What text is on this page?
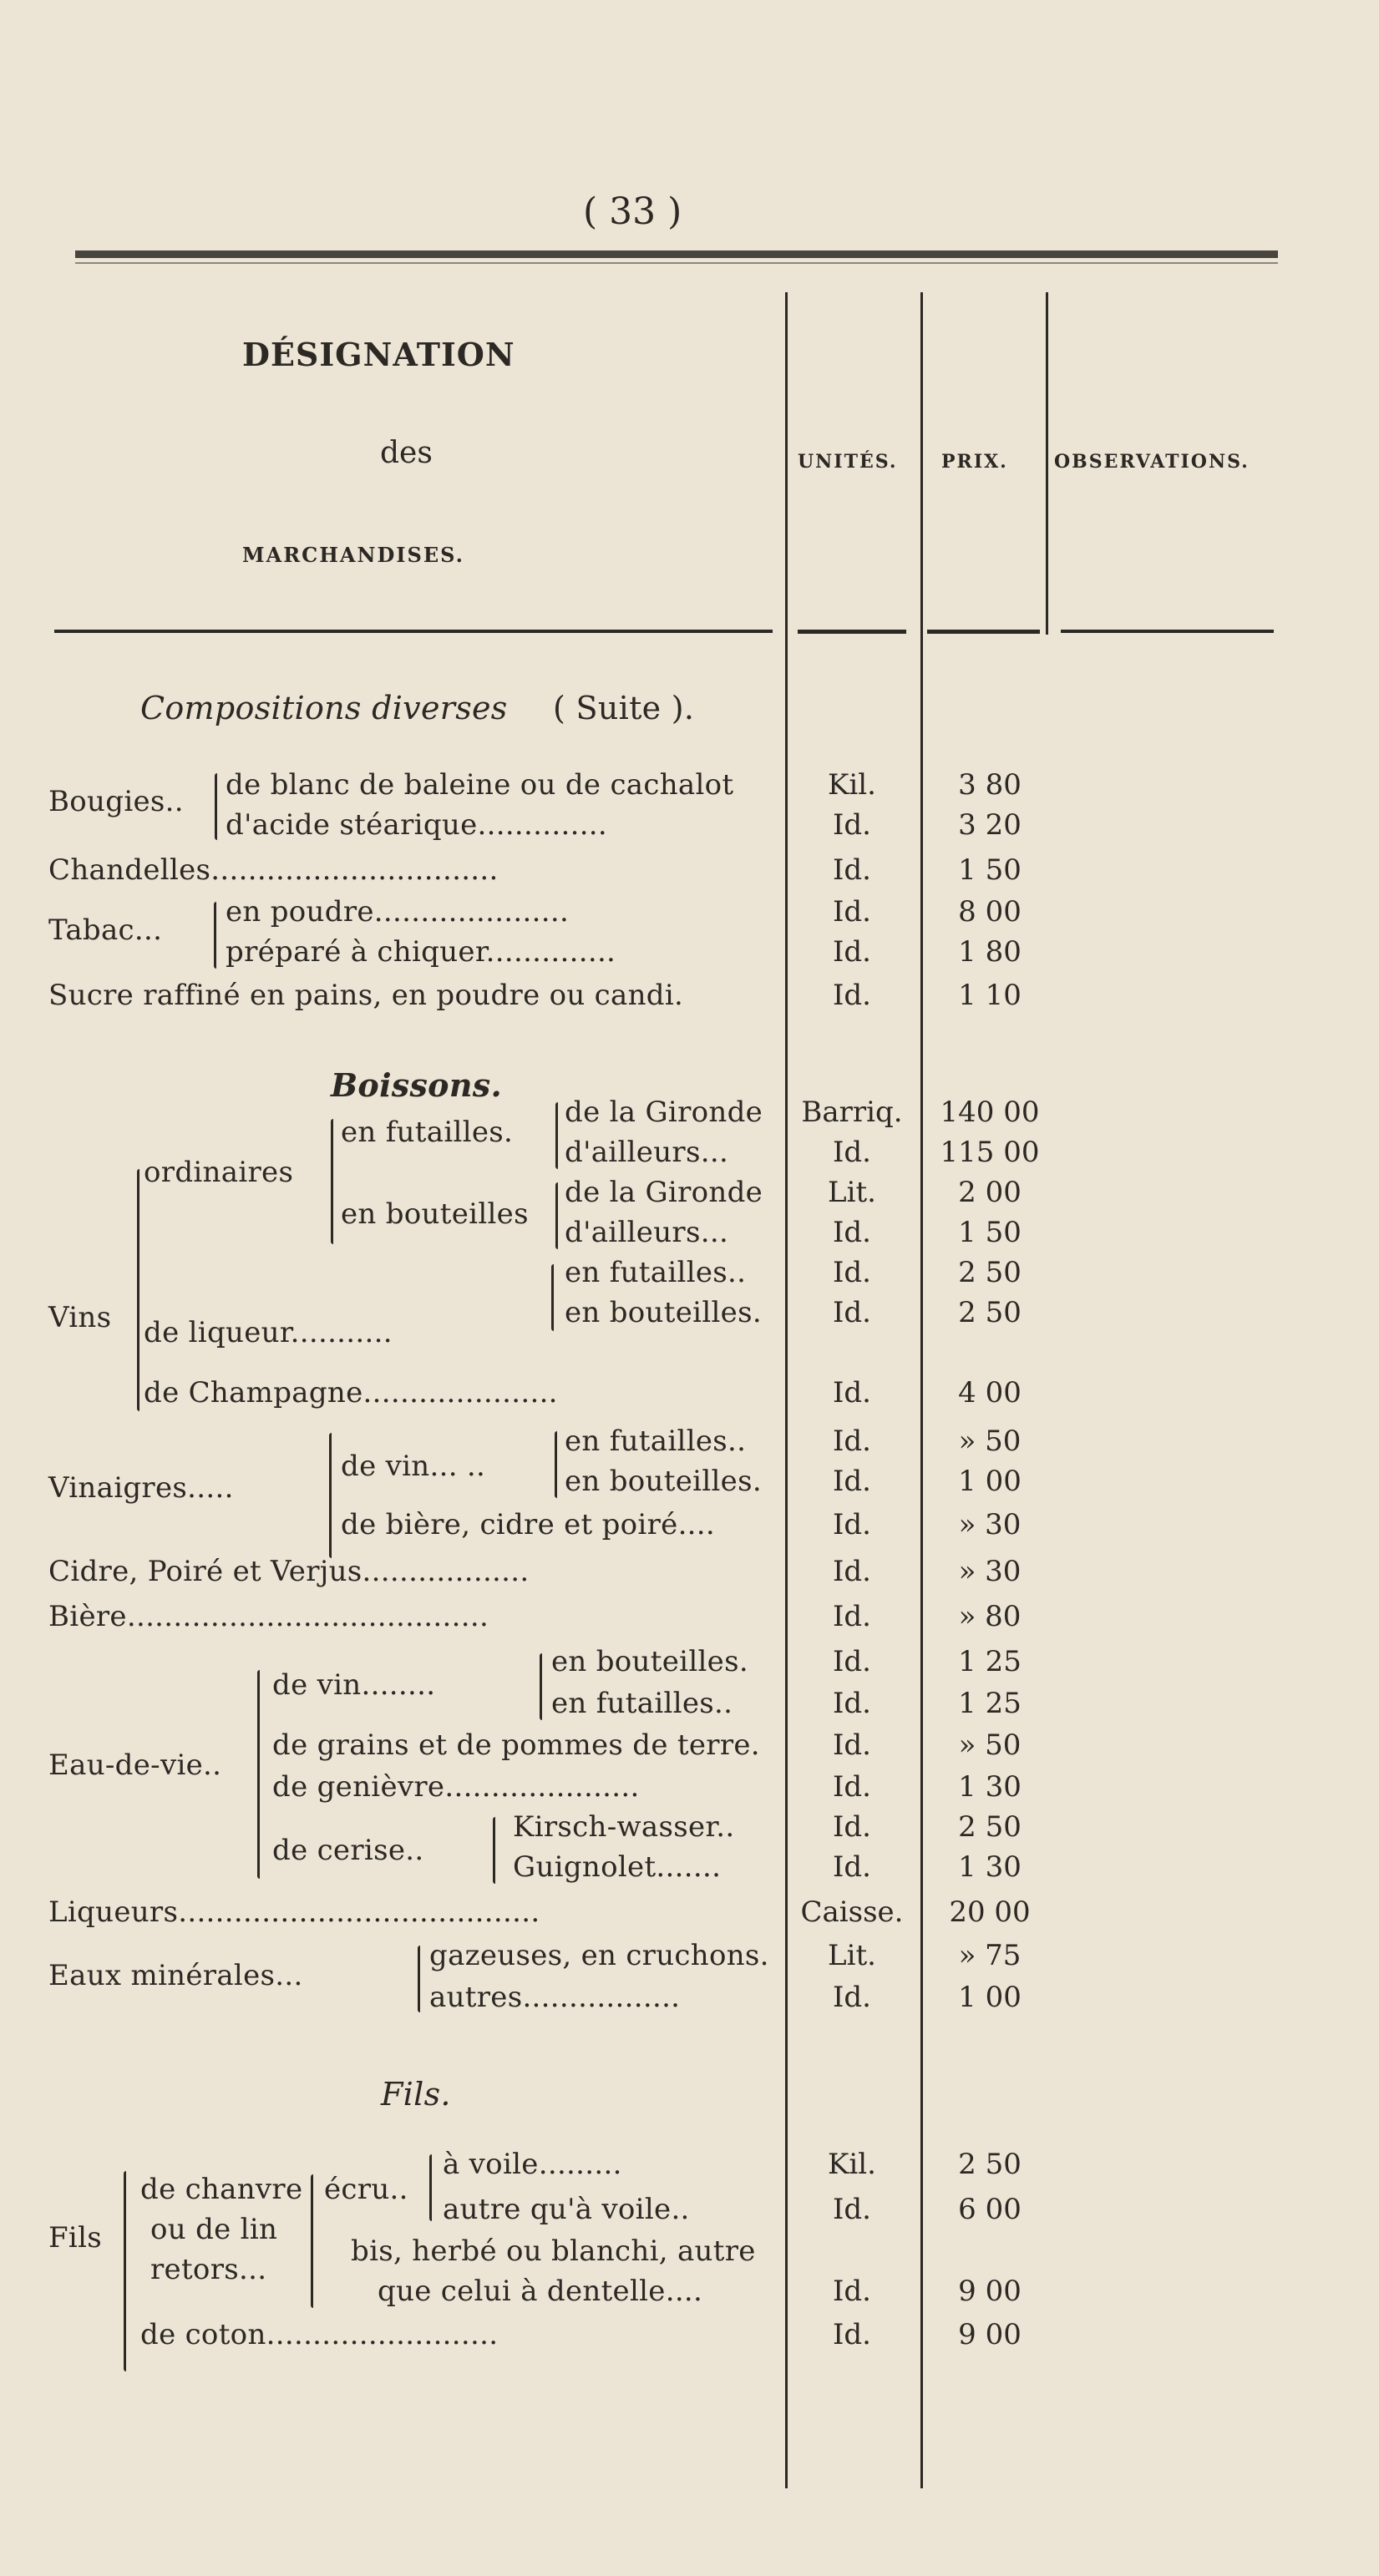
( 33 )
DÉSIGNATION
des
MARCHANDISES.
UNITÉS. PRIX.	OBSERVATIONS.
Compositions diverses ( Suite ).
Bougies.. de blanc de baleine ou de cachalot
d'acide stéarique..............
Chandelles...............................
Tabac...
en poudre.....................
préparé à chiquer..............
Sucre raffiné en pains, en poudre ou candi.
Boissons.
Vins
ordinaires
en futailles.
en bouteilles
de la Gironde
d'ailleurs...
de la Gironde
d'ailleurs...
de liqueur...........
en futailles..
en bouteilles.
de Champagne.....................
Vinaigres.....
de vin... ..
en futailles..
en bouteilles.
de bière, cidre et poiré....
Cidre, Poiré et Verjus..................
Bière.......................................
Eau-de-vie..
de vin........
en bouteilles.
en futailles..
de grains et de pommes de terre.
de genièvre.....................
de cerise..
Kirsch-wasser..
Guignolet.......
Liqueurs.......................................
Eaux minérales...
gazeuses, en cruchons.
autres.................
Fils.
Fils
de chanvre
ou de lin
retors...
écru..
à voile.........
autre qu'à voile..
bis, herbé ou blanchi, autre
que celui à dentelle....
de coton.........................
Kil.
Id.
Id.
Id.
Id.
Id.
Barriq.
Id.
Lit.
Id.
Id.
Id.
Id.
Id.
Id.
Id.
Id.
Id.
Id.
Id.
Id.
Id.
Id.
Id.
Caisse.
Lit.
Id.
Kil.
Id.
Id.
Id.
3 80
3 20
1 50
8 00
1 80
1 10
140 00
115 00
2 00
1 50
2 50
2 50
4 00
» 50
1 00
» 30
» 30
» 80
1 25
1 25
» 50
1 30
2 50
1 30
20 00
» 75
1 00
2 50
6 00
9 00
9 00
